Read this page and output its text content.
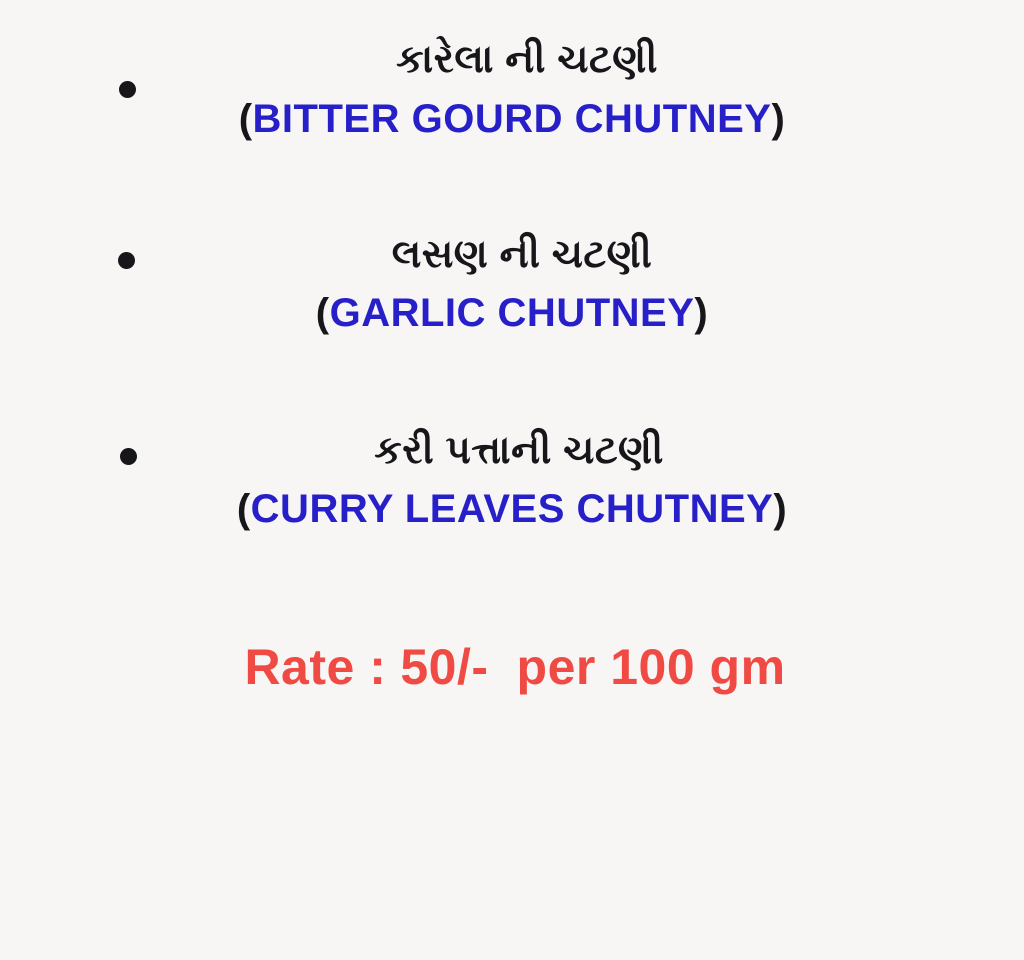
કારેલા ની ચટણી
(BITTER GOURD CHUTNEY)
લસણ ની ચટણી
(GARLIC CHUTNEY)
કરી પત્તાની ચટણી
(CURRY LEAVES CHUTNEY)
Rate : 50/- per 100 gm
